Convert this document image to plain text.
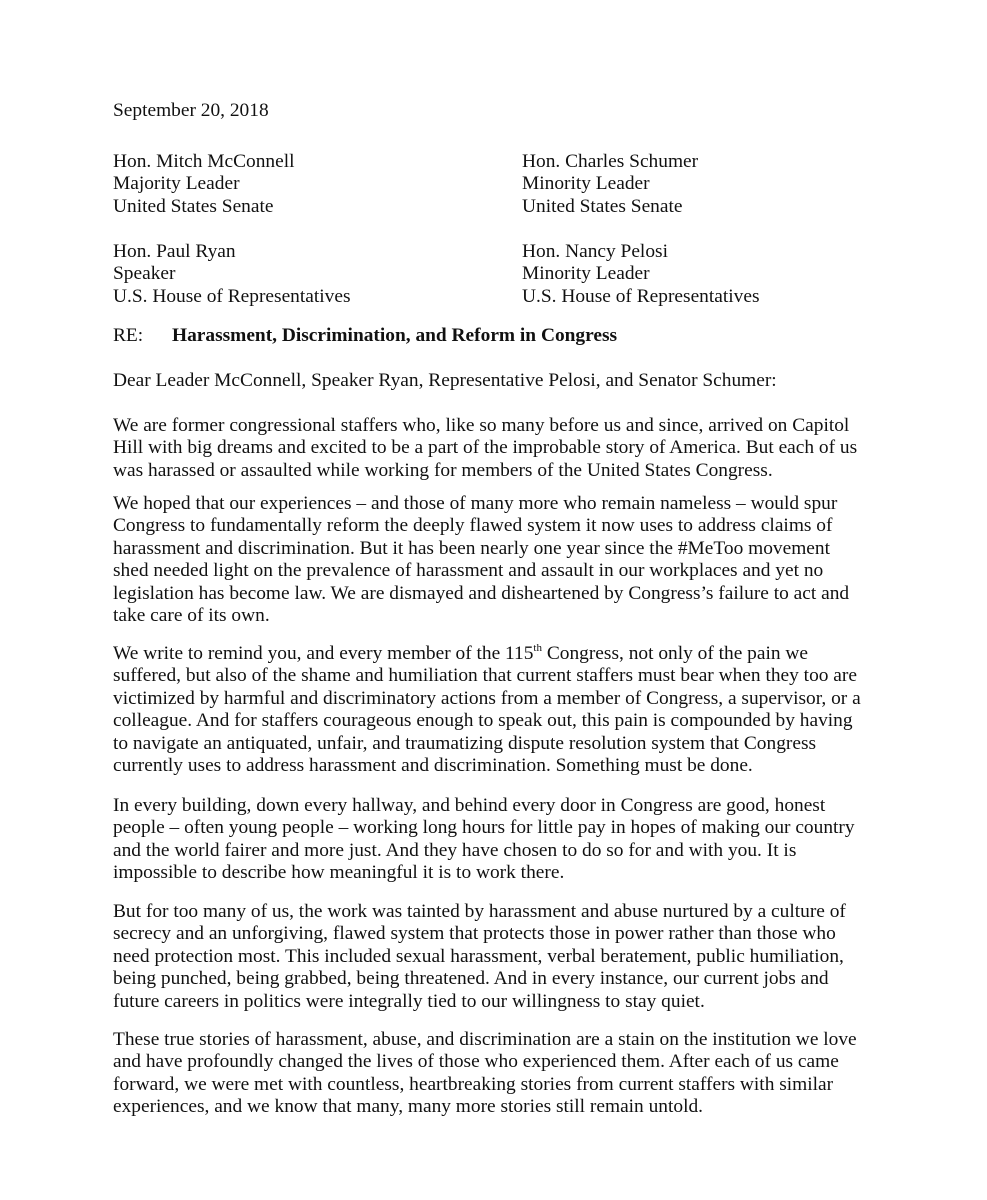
September 20, 2018

Hon. Mitch McConnell
Majority Leader
United States Senate
Hon. Charles Schumer
Minority Leader
United States Senate
Hon. Paul Ryan
Speaker
U.S. House of Representatives
Hon. Nancy Pelosi
Minority Leader
U.S. House of Representatives

RE: Harassment, Discrimination, and Reform in Congress

Dear Leader McConnell, Speaker Ryan, Representative Pelosi, and Senator Schumer:

We are former congressional staffers who, like so many before us and since, arrived on Capitol
Hill with big dreams and excited to be a part of the improbable story of America. But each of us
was harassed or assaulted while working for members of the United States Congress.

We hoped that our experiences – and those of many more who remain nameless – would spur
Congress to fundamentally reform the deeply flawed system it now uses to address claims of
harassment and discrimination. But it has been nearly one year since the #MeToo movement
shed needed light on the prevalence of harassment and assault in our workplaces and yet no
legislation has become law. We are dismayed and disheartened by Congress’s failure to act and
take care of its own.

We write to remind you, and every member of the 115th Congress, not only of the pain we
suffered, but also of the shame and humiliation that current staffers must bear when they too are
victimized by harmful and discriminatory actions from a member of Congress, a supervisor, or a
colleague. And for staffers courageous enough to speak out, this pain is compounded by having
to navigate an antiquated, unfair, and traumatizing dispute resolution system that Congress
currently uses to address harassment and discrimination. Something must be done.

In every building, down every hallway, and behind every door in Congress are good, honest
people – often young people – working long hours for little pay in hopes of making our country
and the world fairer and more just. And they have chosen to do so for and with you. It is
impossible to describe how meaningful it is to work there.

But for too many of us, the work was tainted by harassment and abuse nurtured by a culture of
secrecy and an unforgiving, flawed system that protects those in power rather than those who
need protection most. This included sexual harassment, verbal beratement, public humiliation,
being punched, being grabbed, being threatened. And in every instance, our current jobs and
future careers in politics were integrally tied to our willingness to stay quiet.

These true stories of harassment, abuse, and discrimination are a stain on the institution we love
and have profoundly changed the lives of those who experienced them. After each of us came
forward, we were met with countless, heartbreaking stories from current staffers with similar
experiences, and we know that many, many more stories still remain untold.
